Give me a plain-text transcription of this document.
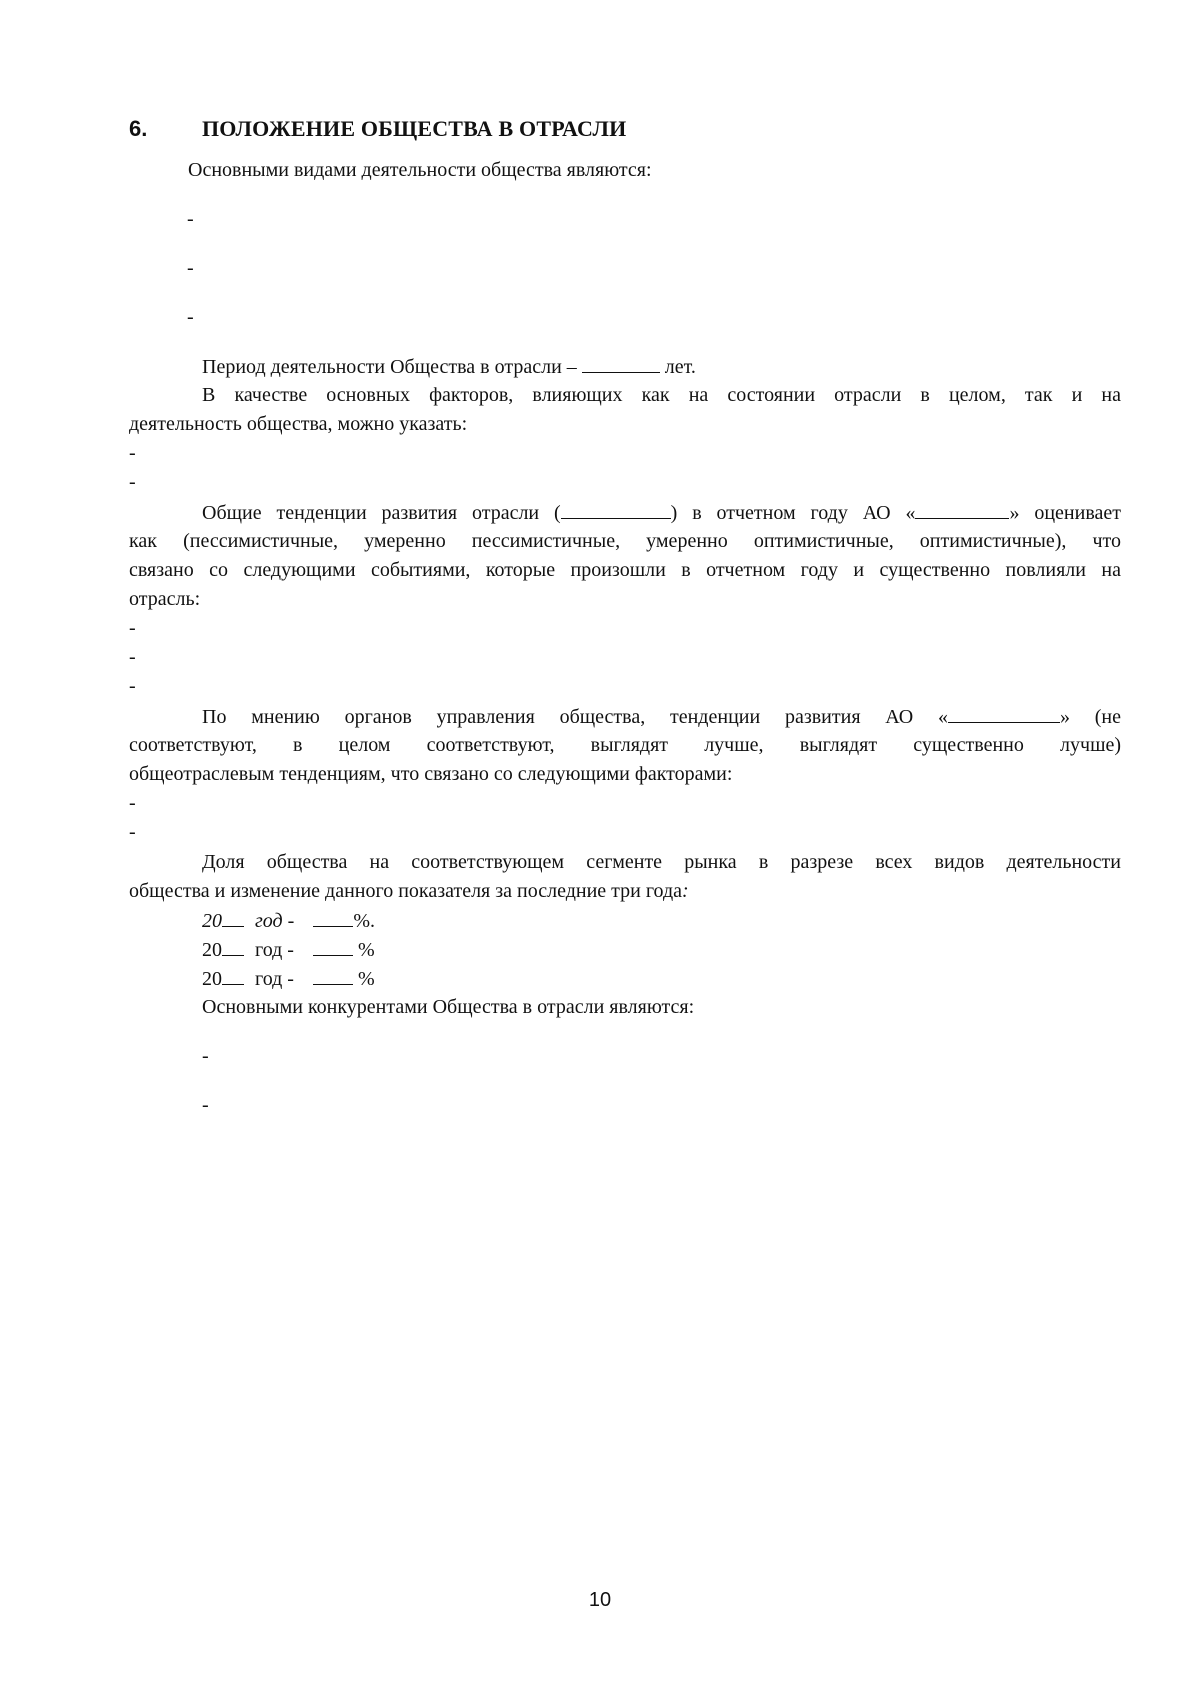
6. ПОЛОЖЕНИЕ ОБЩЕСТВА В ОТРАСЛИ
Основными видами деятельности общества являются:
-
-
-
Период деятельности Общества в отрасли –	лет.
В качестве основных факторов, влияющих как на состоянии отрасли в целом, так и на
деятельность общества, можно указать:
-
-
Общие тенденции развития отрасли (	) в отчетном году АО «	» оценивает
как (пессимистичные, умеренно пессимистичные, умеренно оптимистичные, оптимистичные), что
связано со следующими событиями, которые произошли в отчетном году и существенно повлияли на
отрасль:
-
-
-
По мнению органов управления общества, тенденции развития АО «	» (не
соответствуют, в целом соответствуют, выглядят лучше, выглядят существенно лучше)
общеотраслевым тенденциям, что связано со следующими факторами:
-
-
Доля общества на соответствующем сегменте рынка в разрезе всех видов деятельности
общества и изменение данного показателя за последние три года:
20 год -	%.
20 год -	%
20 год -	%
Основными конкурентами Общества в отрасли являются:
-
-
10
